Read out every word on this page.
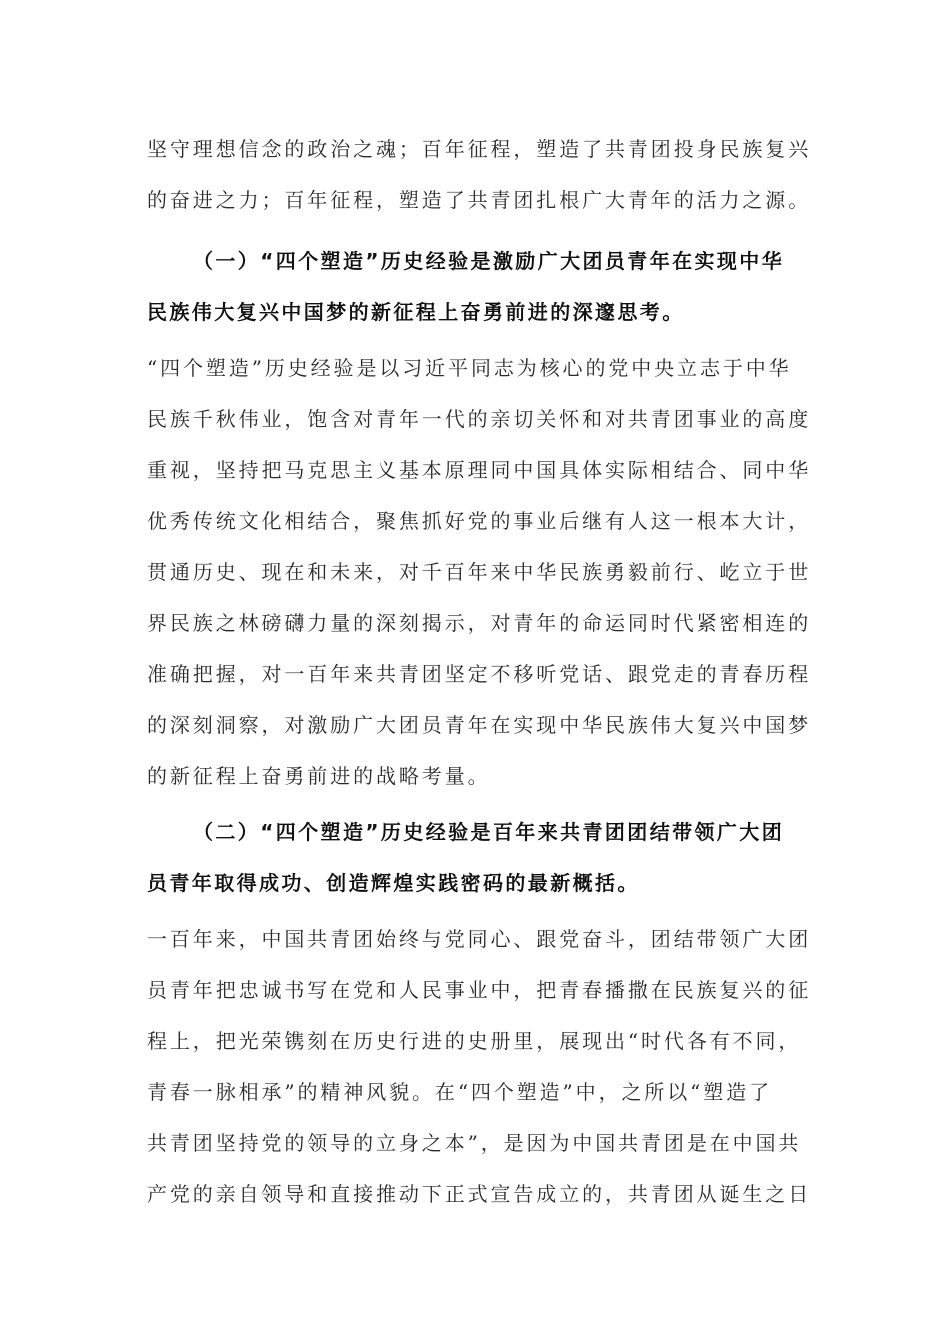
坚守理想信念的政治之魂；百年征程，塑造了共青团投身民族复兴
的奋进之力；百年征程，塑造了共青团扎根广大青年的活力之源。
（一）“四个塑造”历史经验是激励广大团员青年在实现中华
民族伟大复兴中国梦的新征程上奋勇前进的深邃思考。
“四个塑造”历史经验是以习近平同志为核心的党中央立志于中华
民族千秋伟业，饱含对青年一代的亲切关怀和对共青团事业的高度
重视，坚持把马克思主义基本原理同中国具体实际相结合、同中华
优秀传统文化相结合，聚焦抓好党的事业后继有人这一根本大计，
贯通历史、现在和未来，对千百年来中华民族勇毅前行、屹立于世
界民族之林磅礴力量的深刻揭示，对青年的命运同时代紧密相连的
准确把握，对一百年来共青团坚定不移听党话、跟党走的青春历程
的深刻洞察，对激励广大团员青年在实现中华民族伟大复兴中国梦
的新征程上奋勇前进的战略考量。
（二）“四个塑造”历史经验是百年来共青团团结带领广大团
员青年取得成功、创造辉煌实践密码的最新概括。
一百年来，中国共青团始终与党同心、跟党奋斗，团结带领广大团
员青年把忠诚书写在党和人民事业中，把青春播撒在民族复兴的征
程上，把光荣镌刻在历史行进的史册里，展现出“时代各有不同，
青春一脉相承”的精神风貌。在“四个塑造”中，之所以“塑造了
共青团坚持党的领导的立身之本”，是因为中国共青团是在中国共
产党的亲自领导和直接推动下正式宣告成立的，共青团从诞生之日
